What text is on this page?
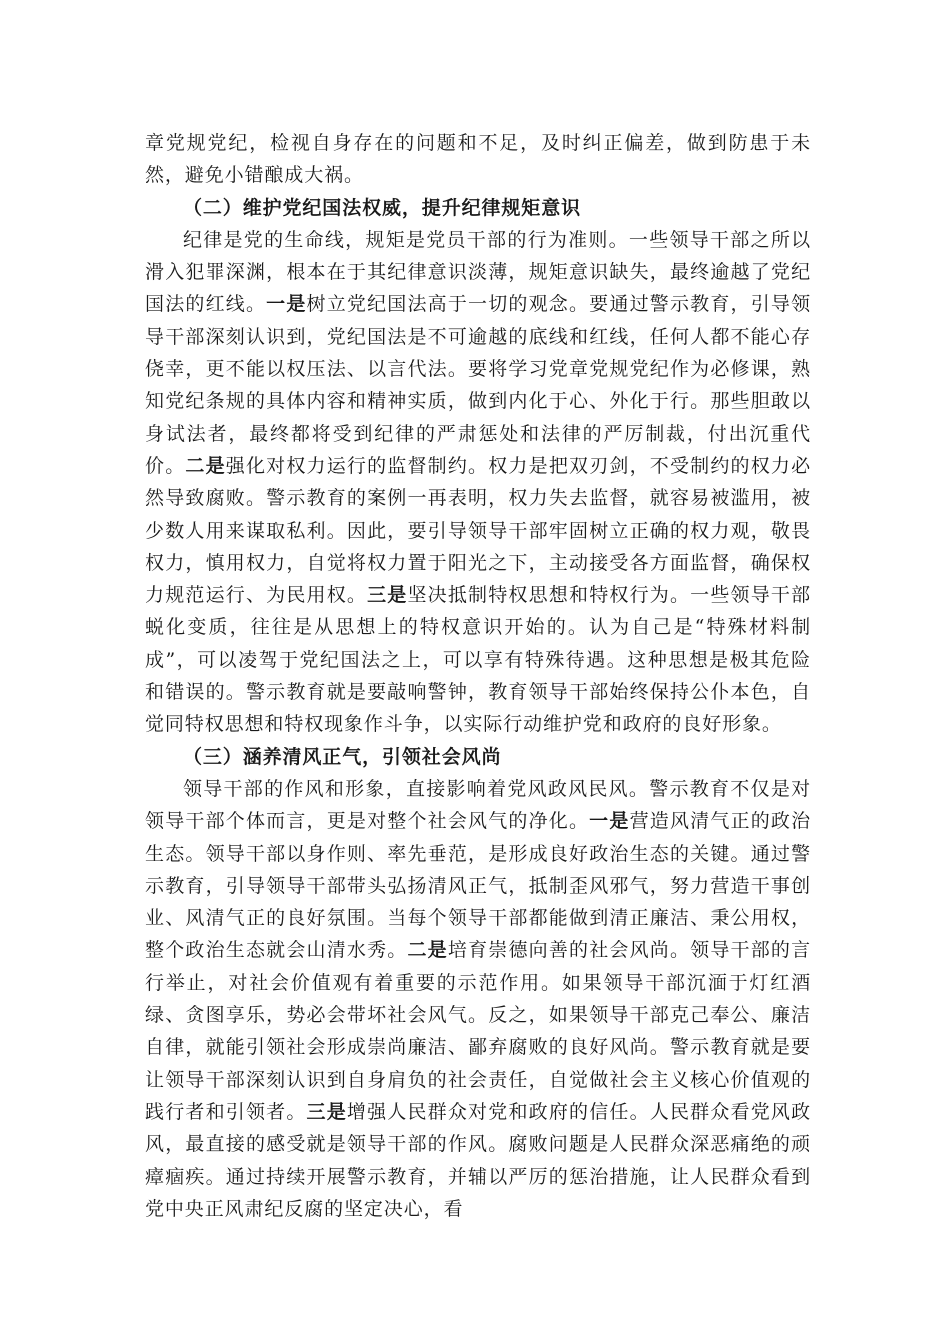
章党规党纪，检视自身存在的问题和不足，及时纠正偏差，做到防患于未然，避免小错酿成大祸。

（二）维护党纪国法权威，提升纪律规矩意识

纪律是党的生命线，规矩是党员干部的行为准则。一些领导干部之所以滑入犯罪深渊，根本在于其纪律意识淡薄，规矩意识缺失，最终逾越了党纪国法的红线。一是树立党纪国法高于一切的观念。要通过警示教育，引导领导干部深刻认识到，党纪国法是不可逾越的底线和红线，任何人都不能心存侥幸，更不能以权压法、以言代法。要将学习党章党规党纪作为必修课，熟知党纪条规的具体内容和精神实质，做到内化于心、外化于行。那些胆敢以身试法者，最终都将受到纪律的严肃惩处和法律的严厉制裁，付出沉重代价。二是强化对权力运行的监督制约。权力是把双刃剑，不受制约的权力必然导致腐败。警示教育的案例一再表明，权力失去监督，就容易被滥用，被少数人用来谋取私利。因此，要引导领导干部牢固树立正确的权力观，敬畏权力，慎用权力，自觉将权力置于阳光之下，主动接受各方面监督，确保权力规范运行、为民用权。三是坚决抵制特权思想和特权行为。一些领导干部蜕化变质，往往是从思想上的特权意识开始的。认为自己是“特殊材料制成”，可以凌驾于党纪国法之上，可以享有特殊待遇。这种思想是极其危险和错误的。警示教育就是要敲响警钟，教育领导干部始终保持公仆本色，自觉同特权思想和特权现象作斗争，以实际行动维护党和政府的良好形象。

（三）涵养清风正气，引领社会风尚

领导干部的作风和形象，直接影响着党风政风民风。警示教育不仅是对领导干部个体而言，更是对整个社会风气的净化。一是营造风清气正的政治生态。领导干部以身作则、率先垂范，是形成良好政治生态的关键。通过警示教育，引导领导干部带头弘扬清风正气，抵制歪风邪气，努力营造干事创业、风清气正的良好氛围。当每个领导干部都能做到清正廉洁、秉公用权，整个政治生态就会山清水秀。二是培育崇德向善的社会风尚。领导干部的言行举止，对社会价值观有着重要的示范作用。如果领导干部沉湎于灯红酒绿、贪图享乐，势必会带坏社会风气。反之，如果领导干部克己奉公、廉洁自律，就能引领社会形成崇尚廉洁、鄙弃腐败的良好风尚。警示教育就是要让领导干部深刻认识到自身肩负的社会责任，自觉做社会主义核心价值观的践行者和引领者。三是增强人民群众对党和政府的信任。人民群众看党风政风，最直接的感受就是领导干部的作风。腐败问题是人民群众深恶痛绝的顽瘴痼疾。通过持续开展警示教育，并辅以严厉的惩治措施，让人民群众看到党中央正风肃纪反腐的坚定决心，看
